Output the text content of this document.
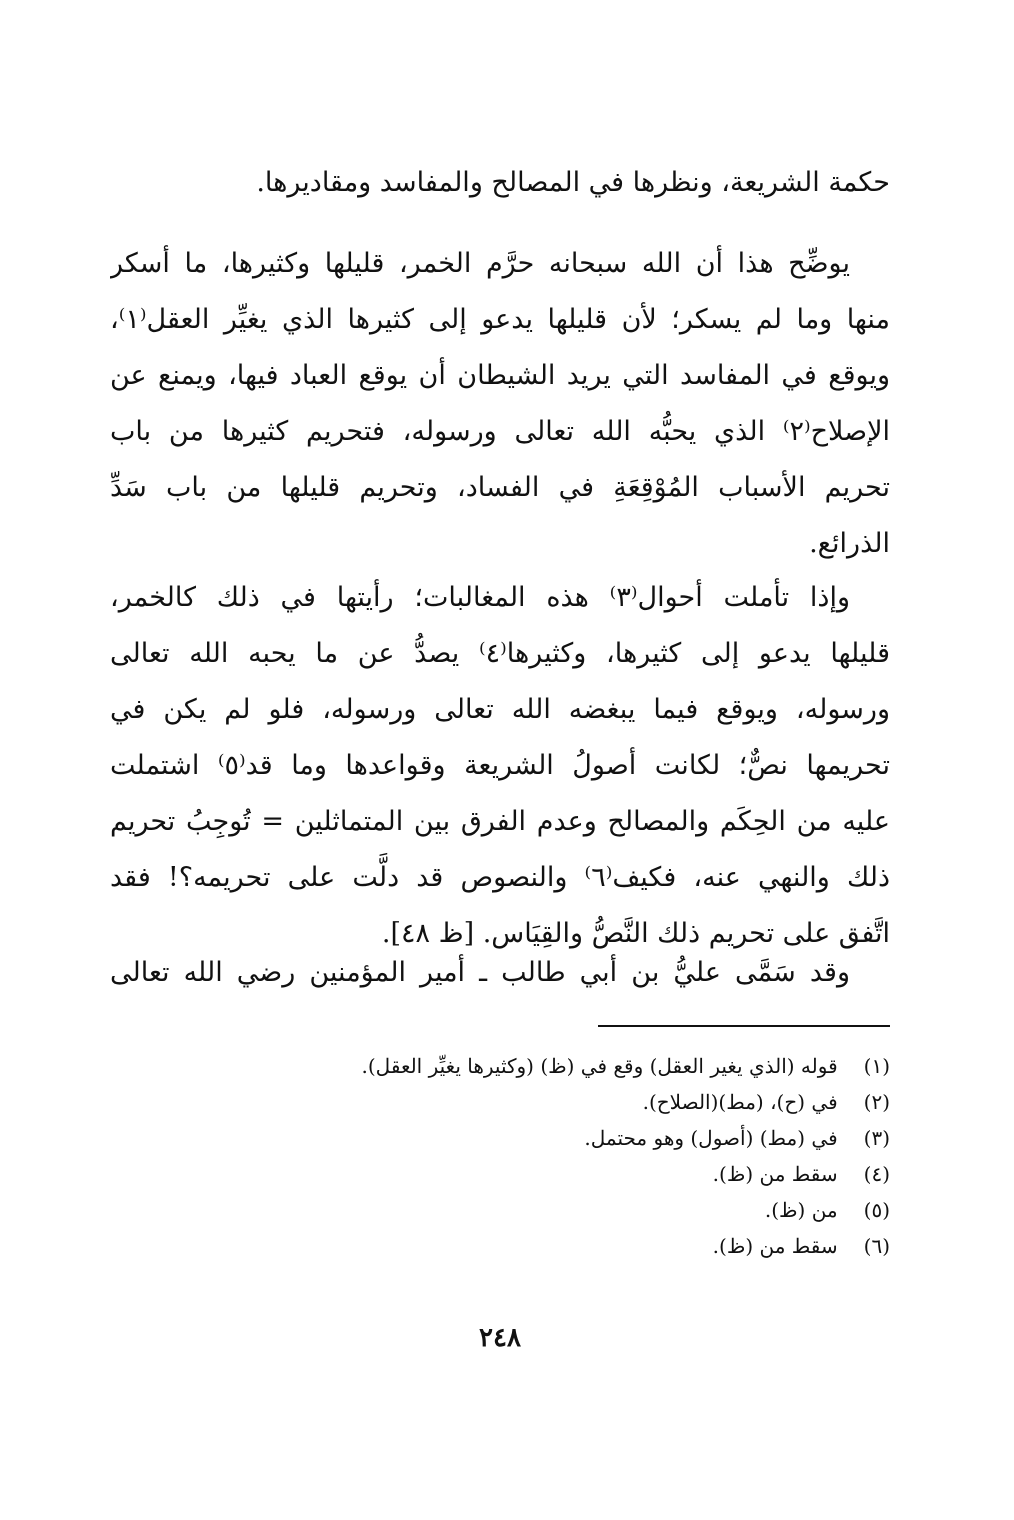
حكمة الشريعة، ونظرها في المصالح والمفاسد ومقاديرها.
يوضِّح هذا أن الله سبحانه حرَّم الخمر، قليلها وكثيرها، ما أسكر
منها وما لم يسكر؛ لأن قليلها يدعو إلى كثيرها الذي يغيِّر العقل⁽١⁾،
ويوقع في المفاسد التي يريد الشيطان أن يوقع العباد فيها، ويمنع عن
الإصلاح⁽٢⁾ الذي يحبُّه الله تعالى ورسوله، فتحريم كثيرها من باب
تحريم الأسباب المُوْقِعَةِ في الفساد، وتحريم قليلها من باب سَدِّ
الذرائع.
وإذا تأملت أحوال⁽٣⁾ هذه المغالبات؛ رأيتها في ذلك كالخمر،
قليلها يدعو إلى كثيرها، وكثيرها⁽٤⁾ يصدُّ عن ما يحبه الله تعالى
ورسوله، ويوقع فيما يبغضه الله تعالى ورسوله، فلو لم يكن في
تحريمها نصٌّ؛ لكانت أصولُ الشريعة وقواعدها وما قد⁽٥⁾ اشتملت
عليه من الحِكَم والمصالح وعدم الفرق بين المتماثلين = تُوجِبُ تحريم
ذلك والنهي عنه، فكيف⁽٦⁾ والنصوص قد دلَّت على تحريمه؟! فقد
اتَّفق على تحريم ذلك النَّصُّ والقِيَاس. [ظ ٤٨].
وقد سَمَّى عليُّ بن أبي طالب ـ أمير المؤمنين رضي الله تعالى
(١) قوله (الذي يغير العقل) وقع في (ظ) (وكثيرها يغيِّر العقل).
(٢) في (ح)، (مط)(الصلاح).
(٣) في (مط) (أصول) وهو محتمل.
(٤) سقط من (ظ).
(٥) من (ظ).
(٦) سقط من (ظ).
٢٤٨
